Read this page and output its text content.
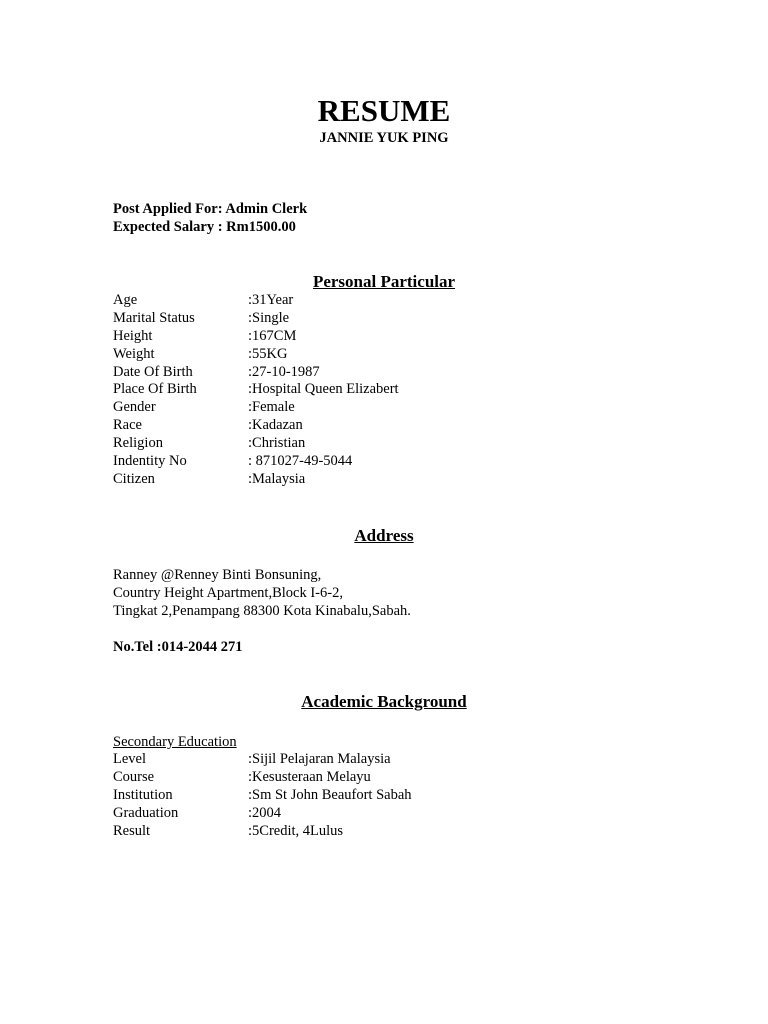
RESUME
JANNIE YUK PING
Post Applied For: Admin Clerk
Expected Salary : Rm1500.00
Personal Particular
Age	:31Year
Marital Status	:Single
Height	:167CM
Weight	:55KG
Date Of Birth	:27-10-1987
Place Of Birth	:Hospital Queen Elizabert
Gender	:Female
Race	:Kadazan
Religion	:Christian
Indentity No	: 871027-49-5044
Citizen	:Malaysia
Address
Ranney @Renney Binti Bonsuning,
Country Height Apartment,Block I-6-2,
Tingkat 2,Penampang 88300 Kota Kinabalu,Sabah.
No.Tel :014-2044 271
Academic Background
Secondary Education
Level	:Sijil Pelajaran Malaysia
Course	:Kesusteraan Melayu
Institution	:Sm St John Beaufort Sabah
Graduation	:2004
Result	:5Credit, 4Lulus
